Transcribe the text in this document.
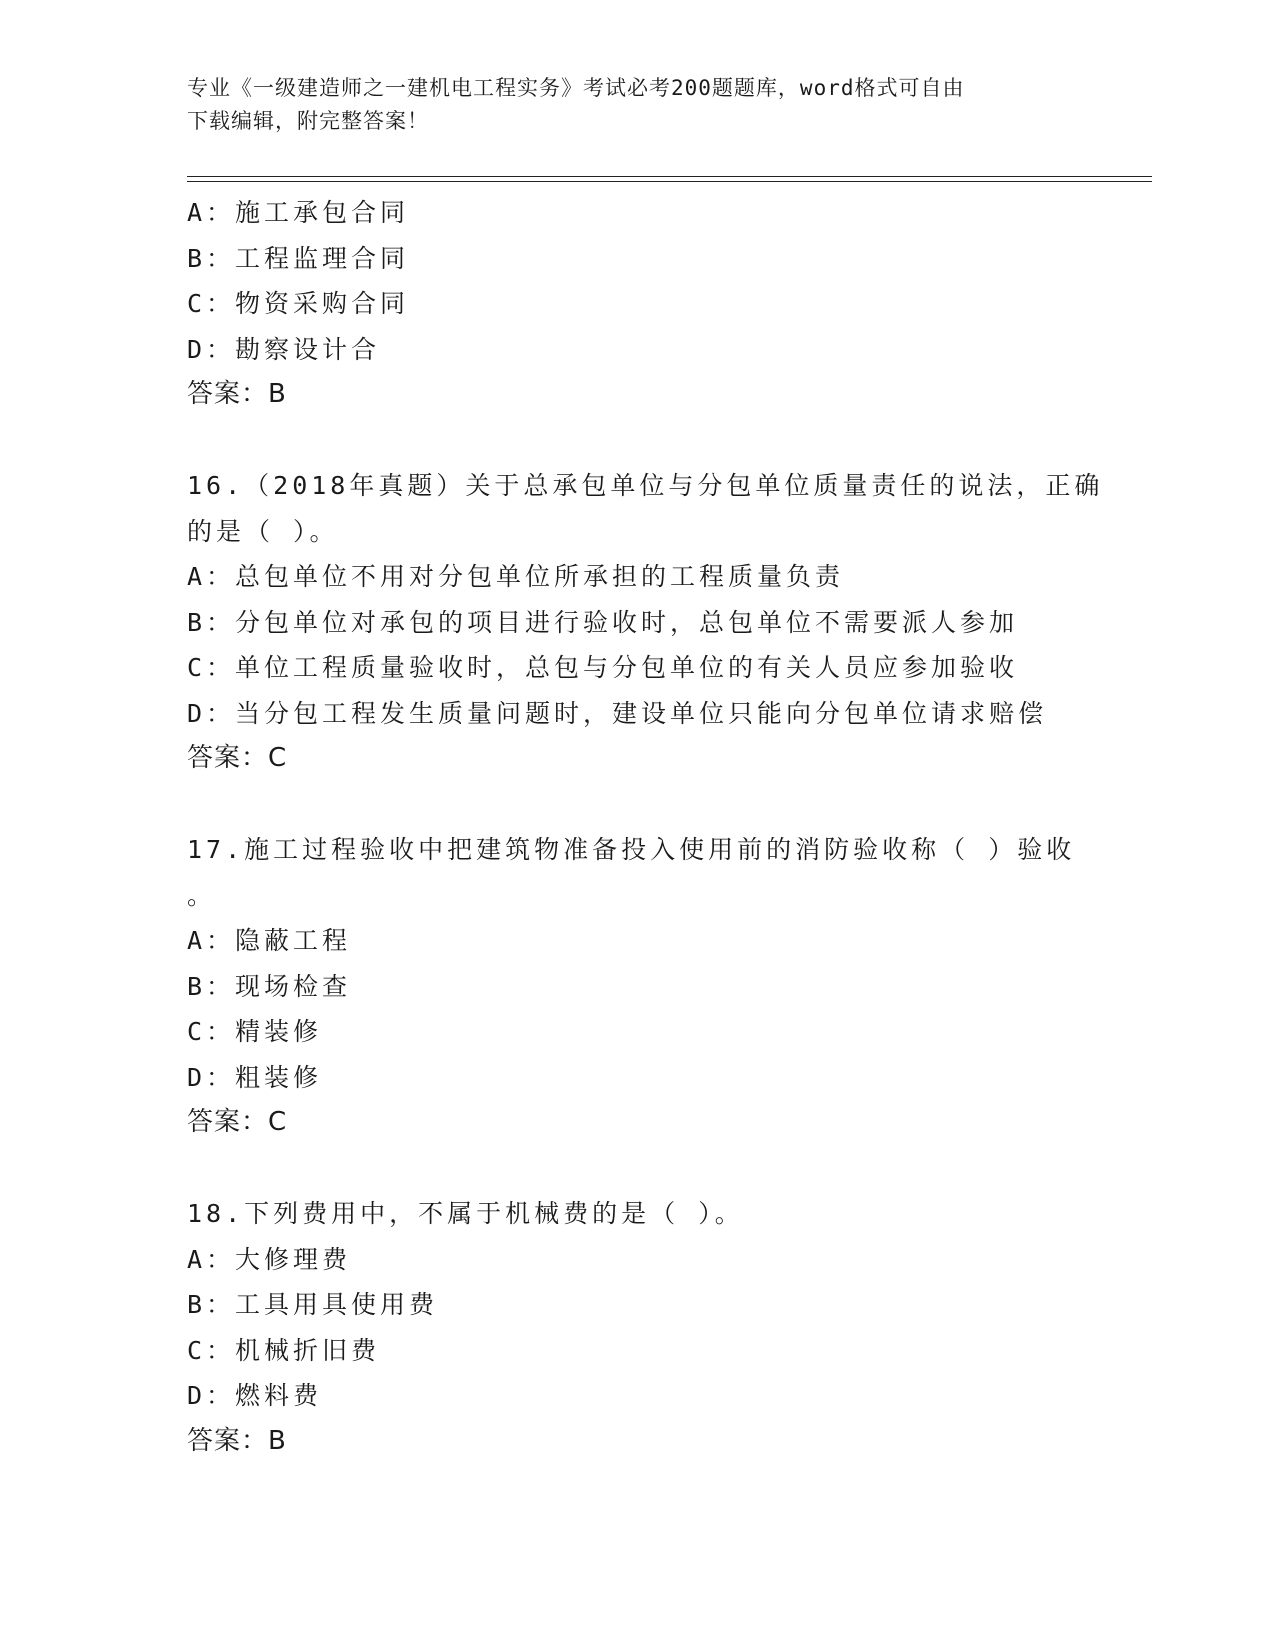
专业《一级建造师之一建机电工程实务》考试必考200题题库，word格式可自由
下载编辑，附完整答案！
A：施工承包合同
B：工程监理合同
C：物资采购合同
D：勘察设计合
答案：B
16.（2018年真题）关于总承包单位与分包单位质量责任的说法，正确
的是（ ）。
A：总包单位不用对分包单位所承担的工程质量负责
B：分包单位对承包的项目进行验收时，总包单位不需要派人参加
C：单位工程质量验收时，总包与分包单位的有关人员应参加验收
D：当分包工程发生质量问题时，建设单位只能向分包单位请求赔偿
答案：C
17.施工过程验收中把建筑物准备投入使用前的消防验收称（ ）验收
。
A：隐蔽工程
B：现场检查
C：精装修
D：粗装修
答案：C
18.下列费用中，不属于机械费的是（ ）。
A：大修理费
B：工具用具使用费
C：机械折旧费
D：燃料费
答案：B
